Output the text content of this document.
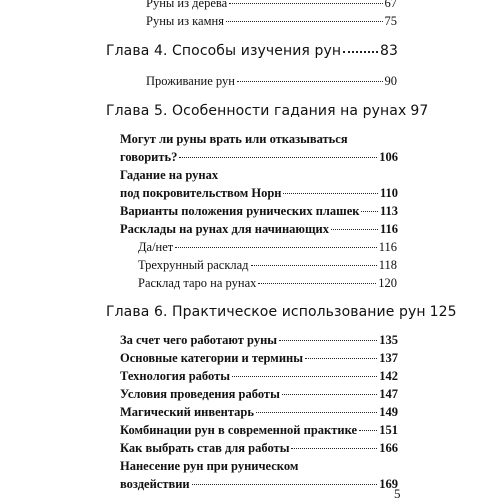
Руны из дерева	67
Руны из камня	75
Глава 4. Способы изучения рун	83
Проживание рун	90
Глава 5. Особенности гадания на рунах 97
Могут ли руны врать или отказываться
говорить?	106
Гадание на рунах
под покровительством Норн	110
Варианты положения рунических плашек 113
Расклады на рунах для начинающих	116
Да/нет	116
Трехрунный расклад	118
Расклад таро на рунах	120
Глава 6. Практическое использование рун 125
За счет чего работают руны	135
Основные категории и термины	137
Технология работы	142
Условия проведения работы	147
Магический инвентарь	149
Комбинации рун в современной практике 151
Как выбрать став для работы	166
Нанесение рун при руническом
воздействии	169
5
